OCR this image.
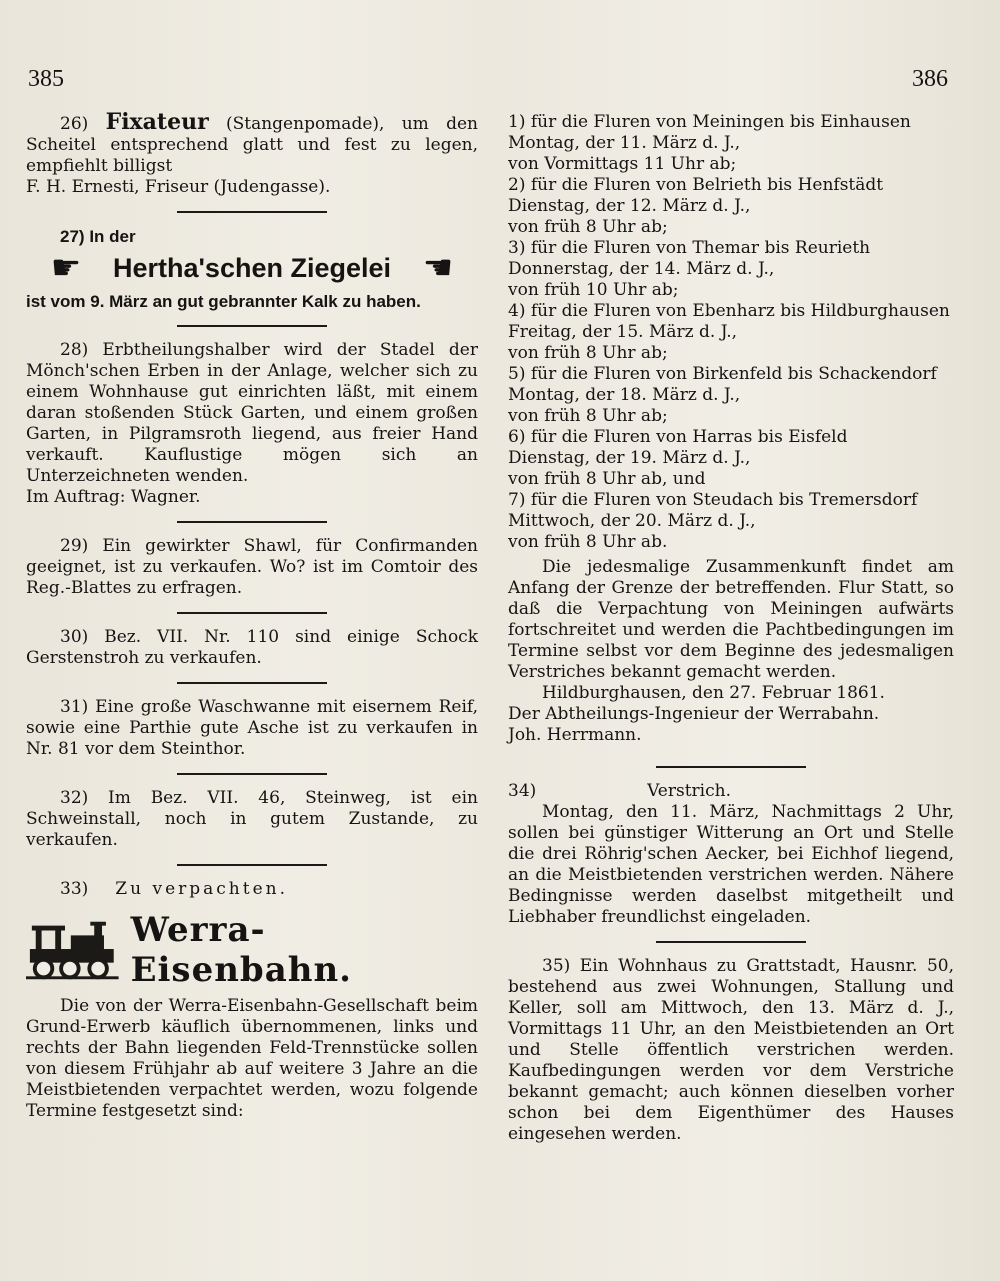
385	386

26) Fixateur (Stangenpomade), um den Scheitel entsprechend glatt und fest zu legen, empfiehlt billigst

F. H. Ernesti, Friseur (Judengasse).

27) In der

☛	Hertha'schen Ziegelei ☚

ist vom 9. März an gut gebrannter Kalk zu haben.

28) Erbtheilungshalber wird der Stadel der Mönch'schen Erben in der Anlage, welcher sich zu einem Wohnhause gut einrichten läßt, mit einem daran stoßenden Stück Garten, und einem großen Garten, in Pilgramsroth liegend, aus freier Hand verkauft. Kauflustige mögen sich an Unterzeichneten wenden.

Im Auftrag: Wagner.

29) Ein gewirkter Shawl, für Confirmanden geeignet, ist zu verkaufen. Wo? ist im Comtoir des Reg.-Blattes zu erfragen.

30) Bez. VII. Nr. 110 sind einige Schock Gerstenstroh zu verkaufen.

31) Eine große Waschwanne mit eisernem Reif, sowie eine Parthie gute Asche ist zu verkaufen in Nr. 81 vor dem Steinthor.

32) Im Bez. VII. 46, Steinweg, ist ein Schweinstall, noch in gutem Zustande, zu verkaufen.

33) Zu verpachten.

Werra-Eisenbahn.

Die von der Werra-Eisenbahn-Gesellschaft beim Grund-Erwerb käuflich übernommenen, links und rechts der Bahn liegenden Feld-Trennstücke sollen von diesem Frühjahr ab auf weitere 3 Jahre an die Meistbietenden verpachtet werden, wozu folgende Termine festgesetzt sind:

1) für die Fluren von Meiningen bis Einhausen

Montag, der 11. März d. J.,

von Vormittags 11 Uhr ab;

2) für die Fluren von Belrieth bis Henfstädt

Dienstag, der 12. März d. J.,

von früh 8 Uhr ab;

3) für die Fluren von Themar bis Reurieth

Donnerstag, der 14. März d. J.,

von früh 10 Uhr ab;

4) für die Fluren von Ebenharz bis Hildburghausen

Freitag, der 15. März d. J.,

von früh 8 Uhr ab;

5) für die Fluren von Birkenfeld bis Schackendorf

Montag, der 18. März d. J.,

von früh 8 Uhr ab;

6) für die Fluren von Harras bis Eisfeld

Dienstag, der 19. März d. J.,

von früh 8 Uhr ab, und

7) für die Fluren von Steudach bis Tremersdorf

Mittwoch, der 20. März d. J.,

von früh 8 Uhr ab.

Die jedesmalige Zusammenkunft findet am Anfang der Grenze der betreffenden. Flur Statt, so daß die Verpachtung von Meiningen aufwärts fortschreitet und werden die Pachtbedingungen im Termine selbst vor dem Beginne des jedesmaligen Verstriches bekannt gemacht werden.

Hildburghausen, den 27. Februar 1861.

Der Abtheilungs-Ingenieur der Werrabahn.

Joh. Herrmann.

34)	Verstrich.

Montag, den 11. März, Nachmittags 2 Uhr, sollen bei günstiger Witterung an Ort und Stelle die drei Röhrig'schen Aecker, bei Eichhof liegend, an die Meistbietenden verstrichen werden. Nähere Bedingnisse werden daselbst mitgetheilt und Liebhaber freundlichst eingeladen.

35) Ein Wohnhaus zu Grattstadt, Hausnr. 50, bestehend aus zwei Wohnungen, Stallung und Keller, soll am Mittwoch, den 13. März d. J., Vormittags 11 Uhr, an den Meistbietenden an Ort und Stelle öffentlich verstrichen werden. Kaufbedingungen werden vor dem Verstriche bekannt gemacht; auch können dieselben vorher schon bei dem Eigenthümer des Hauses eingesehen werden.
